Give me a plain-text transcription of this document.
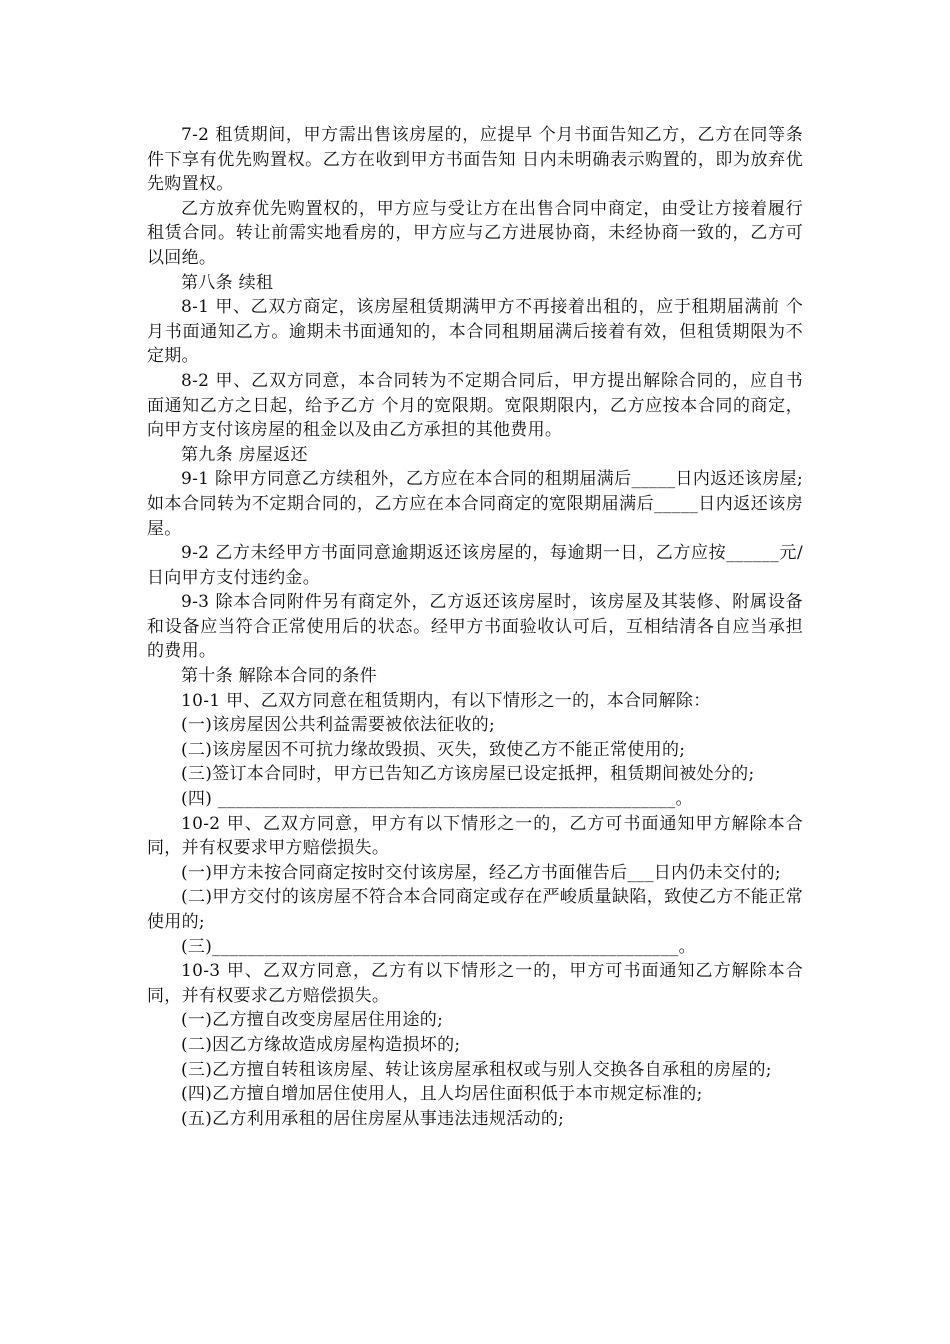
7-2 租赁期间，甲方需出售该房屋的，应提早 个月书面告知乙方，乙方在同等条件下享有优先购置权。乙方在收到甲方书面告知 日内未明确表示购置的，即为放弃优先购置权。

乙方放弃优先购置权的，甲方应与受让方在出售合同中商定，由受让方接着履行租赁合同。转让前需实地看房的，甲方应与乙方进展协商，未经协商一致的，乙方可以回绝。

第八条 续租

8-1 甲、乙双方商定，该房屋租赁期满甲方不再接着出租的，应于租期届满前 个月书面通知乙方。逾期未书面通知的，本合同租期届满后接着有效，但租赁期限为不定期。

8-2 甲、乙双方同意，本合同转为不定期合同后，甲方提出解除合同的，应自书面通知乙方之日起，给予乙方 个月的宽限期。宽限期限内，乙方应按本合同的商定，向甲方支付该房屋的租金以及由乙方承担的其他费用。

第九条 房屋返还

9-1 除甲方同意乙方续租外，乙方应在本合同的租期届满后_____日内返还该房屋;如本合同转为不定期合同的，乙方应在本合同商定的宽限期届满后_____日内返还该房屋。

9-2 乙方未经甲方书面同意逾期返还该房屋的，每逾期一日，乙方应按______元/日向甲方支付违约金。

9-3 除本合同附件另有商定外，乙方返还该房屋时，该房屋及其装修、附属设备和设备应当符合正常使用后的状态。经甲方书面验收认可后，互相结清各自应当承担的费用。

第十条 解除本合同的条件

10-1 甲、乙双方同意在租赁期内，有以下情形之一的，本合同解除：

(一)该房屋因公共利益需要被依法征收的;

(二)该房屋因不可抗力缘故毁损、灭失，致使乙方不能正常使用的;

(三)签订本合同时，甲方已告知乙方该房屋已设定抵押，租赁期间被处分的;

(四) ____________________________________________________。

10-2 甲、乙双方同意，甲方有以下情形之一的，乙方可书面通知甲方解除本合同，并有权要求甲方赔偿损失。

(一)甲方未按合同商定按时交付该房屋，经乙方书面催告后___日内仍未交付的;

(二)甲方交付的该房屋不符合本合同商定或存在严峻质量缺陷，致使乙方不能正常使用的;

(三)_____________________________________________________。

10-3 甲、乙双方同意，乙方有以下情形之一的，甲方可书面通知乙方解除本合同，并有权要求乙方赔偿损失。

(一)乙方擅自改变房屋居住用途的;

(二)因乙方缘故造成房屋构造损坏的;

(三)乙方擅自转租该房屋、转让该房屋承租权或与别人交换各自承租的房屋的;

(四)乙方擅自增加居住使用人，且人均居住面积低于本市规定标准的;

(五)乙方利用承租的居住房屋从事违法违规活动的;
